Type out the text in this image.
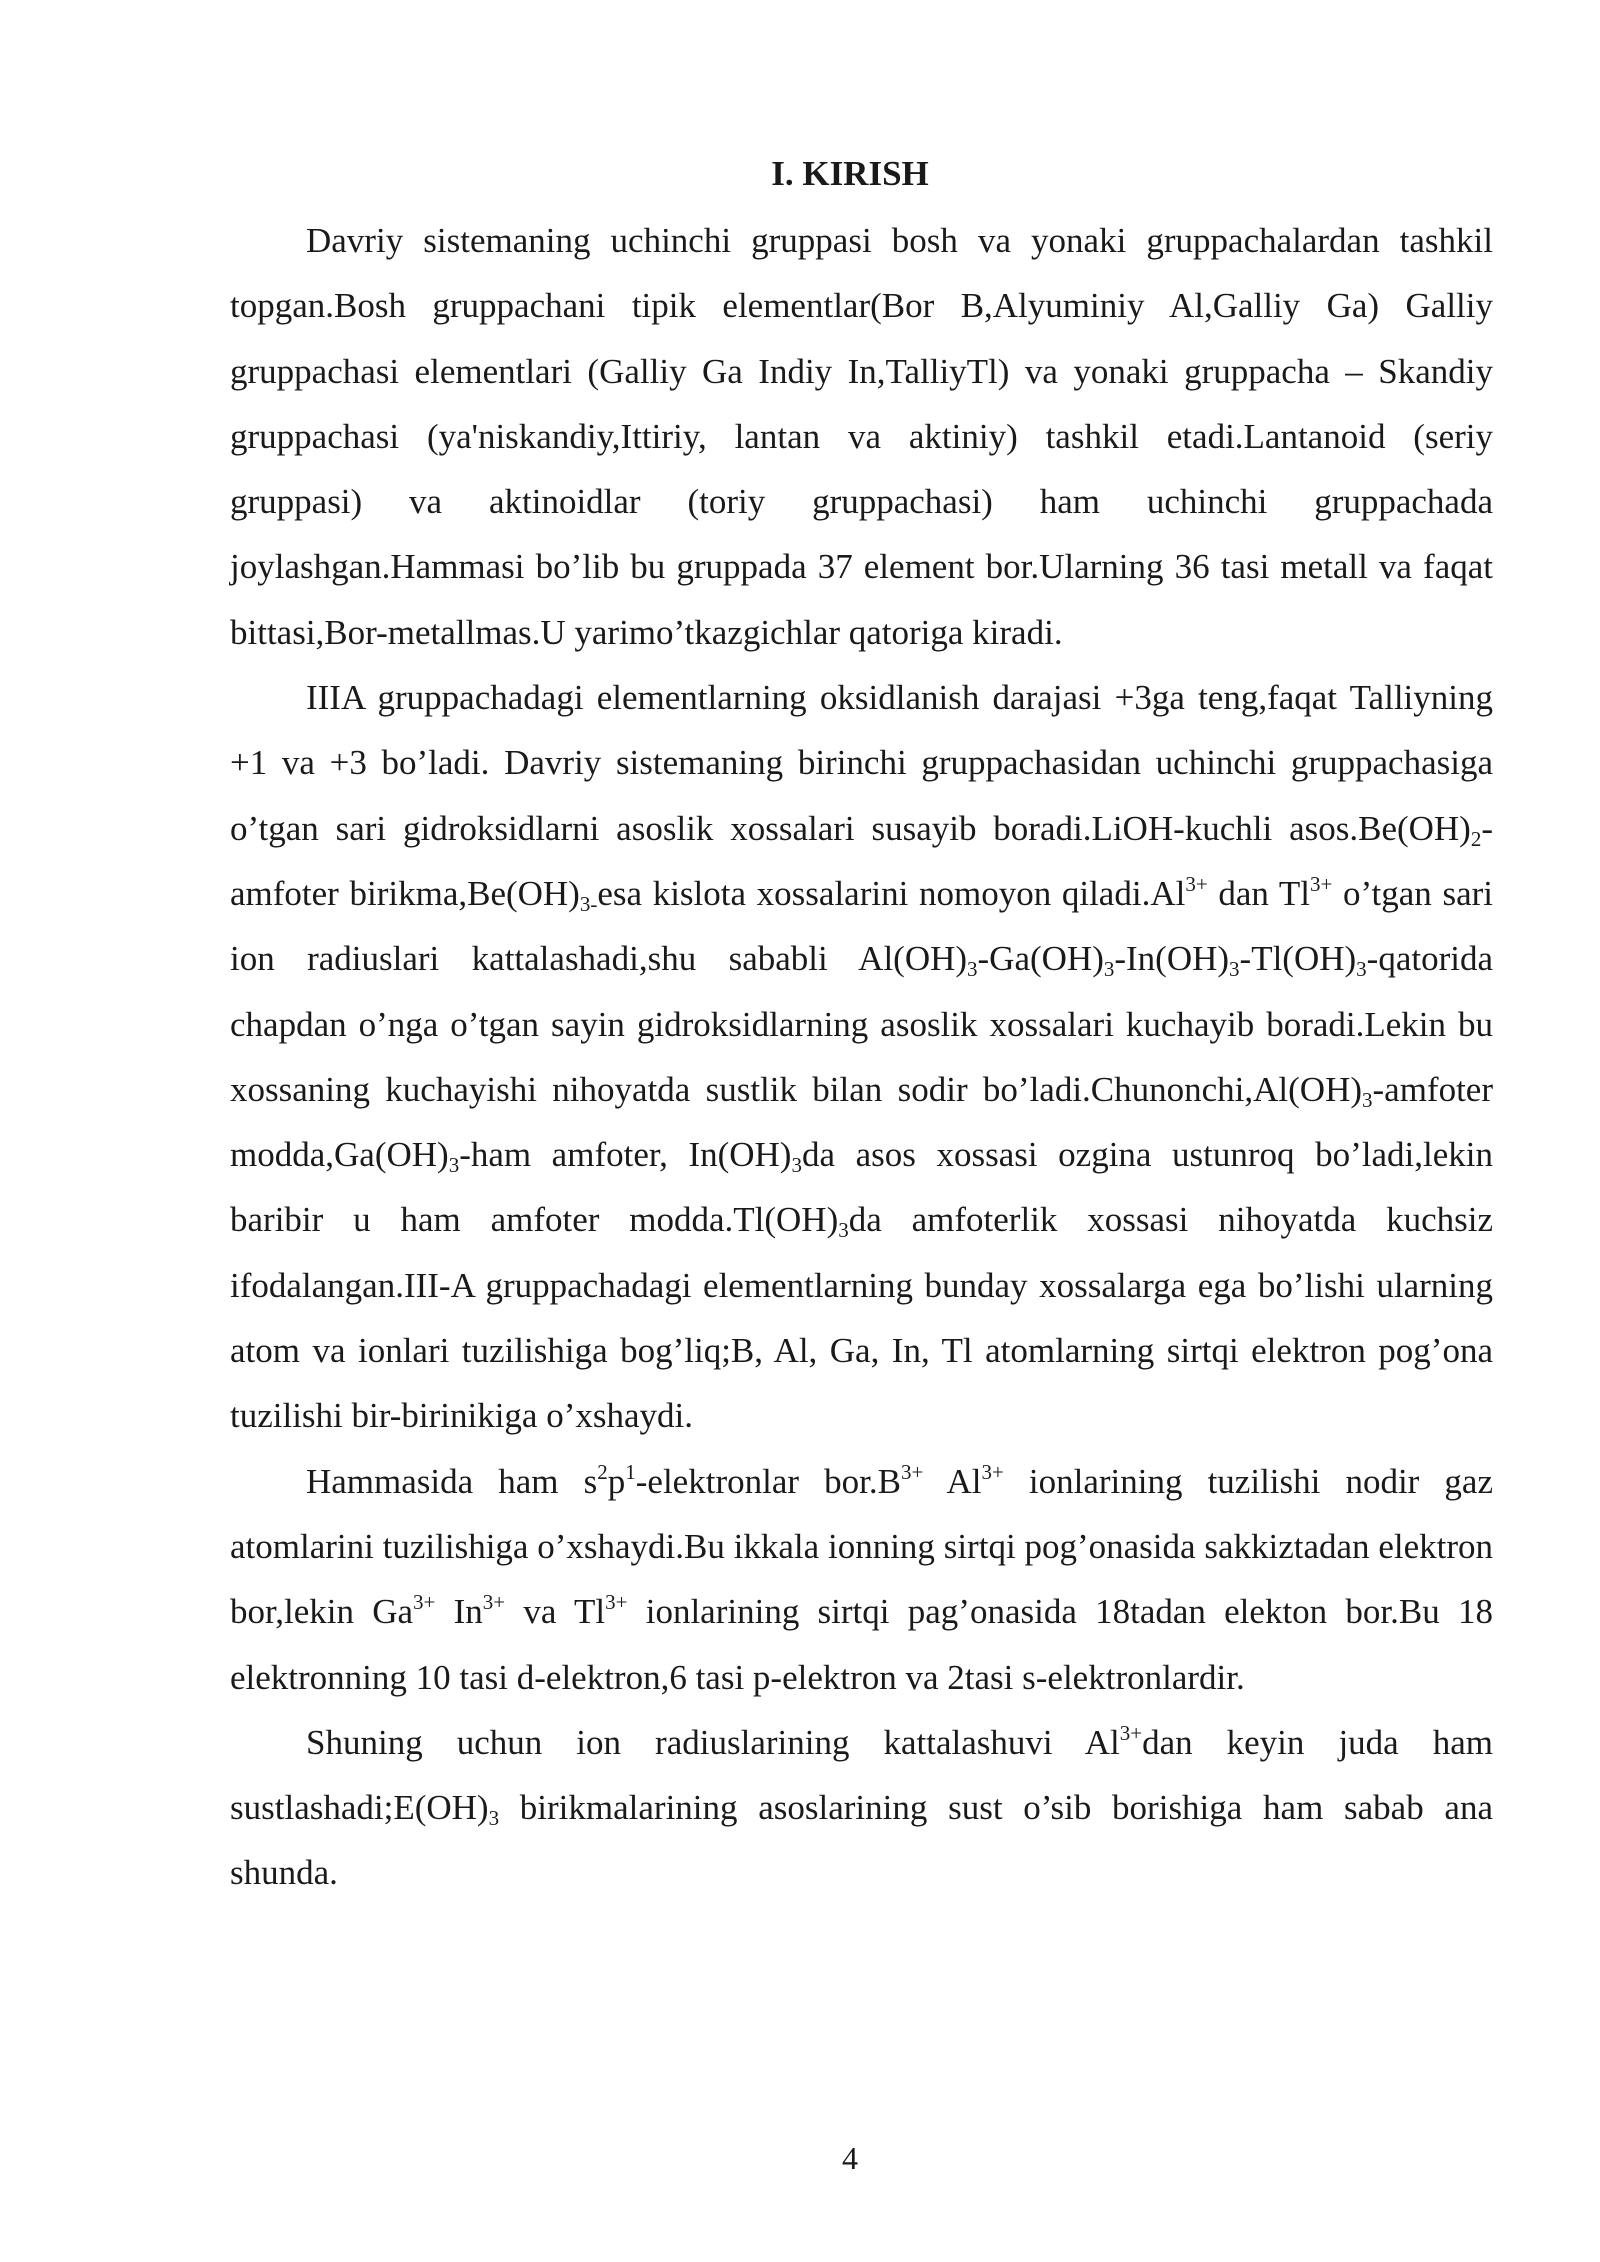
I. KIRISH

Davriy sistemaning uchinchi gruppasi bosh va yonaki gruppachalardan tashkil topgan.Bosh gruppachani tipik elementlar(Bor B,Alyuminiy Al,Galliy Ga) Galliy gruppachasi elementlari (Galliy Ga Indiy In,TalliyTl) va yonaki gruppacha – Skandiy gruppachasi (ya'niskandiy,Ittiriy, lantan va aktiniy) tashkil etadi.Lantanoid (seriy gruppasi) va aktinoidlar (toriy gruppachasi) ham uchinchi gruppachada joylashgan.Hammasi bo’lib bu gruppada 37 element bor.Ularning 36 tasi metall va faqat bittasi,Bor-metallmas.U yarimo’tkazgichlar qatoriga kiradi.

IIIA gruppachadagi elementlarning oksidlanish darajasi +3ga teng,faqat Talliyning +1 va +3 bo’ladi. Davriy sistemaning birinchi gruppachasidan uchinchi gruppachasiga o’tgan sari gidroksidlarni asoslik xossalari susayib boradi.LiOH-kuchli $asos.Be(OH)_2$-amfoter $birikma,Be(OH)_{3-}esa$ kislota xossalarini nomoyon $qiladi.Al^{3+}$ dan $Tl^{3+}$ o’tgan sari ion radiuslari kattalashadi,shu sababli $Al(OH)_3-Ga(OH)_3-In(OH)_3-Tl(OH)_3$-qatorida chapdan o’nga o’tgan sayin gidroksidlarning asoslik xossalari kuchayib boradi.Lekin bu xossaning kuchayishi nihoyatda sustlik bilan sodir $bo’ladi.Chunonchi,Al(OH)_3$-amfoter $modda,Ga(OH)_3$-ham amfoter, $In(OH)_3da$ asos xossasi ozgina ustunroq bo’ladi,lekin baribir u ham amfoter $modda.Tl(OH)_3da$ amfoterlik xossasi nihoyatda kuchsiz ifodalangan.III-A gruppachadagi elementlarning bunday xossalarga ega bo’lishi ularning atom va ionlari tuzilishiga bog’liq;B, Al, Ga, In, Tl atomlarning sirtqi elektron pog’ona tuzilishi bir-birinikiga o’xshaydi.

Hammasida ham $s^2p^1$-elektronlar $bor.B^{3+}$ $Al^{3+}$ ionlarining tuzilishi nodir gaz atomlarini tuzilishiga o’xshaydi.Bu ikkala ionning sirtqi pog’onasida sakkiztadan elektron bor,lekin $Ga^{3+}$ $In^{3+}$ va $Tl^{3+}$ ionlarining sirtqi pag’onasida 18tadan elekton bor.Bu 18 elektronning 10 tasi d-elektron,6 tasi p-elektron va 2tasi s-elektronlardir.

Shuning uchun ion radiuslarining kattalashuvi $Al^{3+}dan$ keyin juda ham $sustlashadi;E(OH)_3$ birikmalarining asoslarining sust o’sib borishiga ham sabab ana shunda.

4
